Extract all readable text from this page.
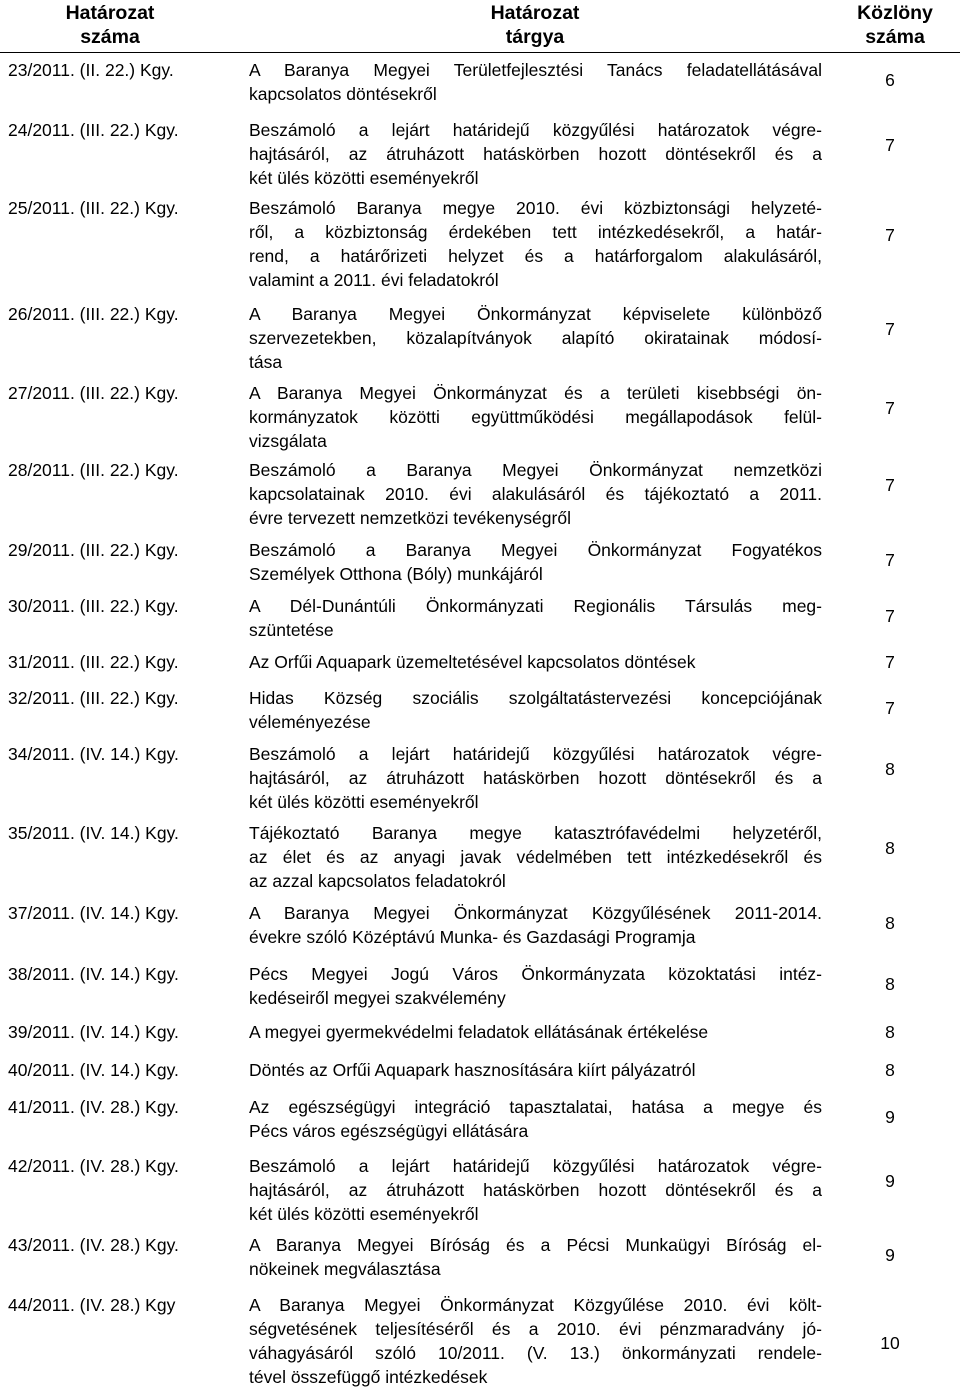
Határozat
száma
Határozat
tárgya
Közlöny
száma
23/2011. (II. 22.) Kgy.	A Baranya Megyei Területfejlesztési Tanács feladatellátásával
kapcsolatos döntésekről
6
24/2011. (III. 22.) Kgy.	Beszámoló a lejárt határidejű közgyűlési határozatok végre-
hajtásáról, az átruházott hatáskörben hozott döntésekről és a
két ülés közötti eseményekről
7
25/2011. (III. 22.) Kgy.	Beszámoló Baranya megye 2010. évi közbiztonsági helyzeté-
ről, a közbiztonság érdekében tett intézkedésekről, a határ-
rend, a határőrizeti helyzet és a határforgalom alakulásáról,
valamint a 2011. évi feladatokról
7
26/2011. (III. 22.) Kgy.	A Baranya Megyei Önkormányzat képviselete különböző
szervezetekben, közalapítványok alapító okiratainak módosí-
tása
7
27/2011. (III. 22.) Kgy.	A Baranya Megyei Önkormányzat és a területi kisebbségi ön-
kormányzatok közötti együttműködési megállapodások felül-
vizsgálata
7
28/2011. (III. 22.) Kgy.	Beszámoló a Baranya Megyei Önkormányzat nemzetközi
kapcsolatainak 2010. évi alakulásáról és tájékoztató a 2011.
évre tervezett nemzetközi tevékenységről
7
29/2011. (III. 22.) Kgy.	Beszámoló a Baranya Megyei Önkormányzat Fogyatékos
Személyek Otthona (Bóly) munkájáról
7
30/2011. (III. 22.) Kgy.	A Dél-Dunántúli Önkormányzati Regionális Társulás meg-
szüntetése
7
31/2011. (III. 22.) Kgy.	Az Orfűi Aquapark üzemeltetésével kapcsolatos döntések	7
32/2011. (III. 22.) Kgy.	Hidas Község szociális szolgáltatástervezési koncepciójának
véleményezése
7
34/2011. (IV. 14.) Kgy.	Beszámoló a lejárt határidejű közgyűlési határozatok végre-
hajtásáról, az átruházott hatáskörben hozott döntésekről és a
két ülés közötti eseményekről
8
35/2011. (IV. 14.) Kgy.	Tájékoztató Baranya megye katasztrófavédelmi helyzetéről,
az élet és az anyagi javak védelmében tett intézkedésekről és
az azzal kapcsolatos feladatokról
8
37/2011. (IV. 14.) Kgy.	A Baranya Megyei Önkormányzat Közgyűlésének 2011-2014.
évekre szóló Középtávú Munka- és Gazdasági Programja
8
38/2011. (IV. 14.) Kgy.	Pécs Megyei Jogú Város Önkormányzata közoktatási intéz-
kedéseiről megyei szakvélemény
8
39/2011. (IV. 14.) Kgy.	A megyei gyermekvédelmi feladatok ellátásának értékelése	8
40/2011. (IV. 14.) Kgy.	Döntés az Orfűi Aquapark hasznosítására kiírt pályázatról	8
41/2011. (IV. 28.) Kgy.	Az egészségügyi integráció tapasztalatai, hatása a megye és
Pécs város egészségügyi ellátására
9
42/2011. (IV. 28.) Kgy.	Beszámoló a lejárt határidejű közgyűlési határozatok végre-
hajtásáról, az átruházott hatáskörben hozott döntésekről és a
két ülés közötti eseményekről
9
43/2011. (IV. 28.) Kgy.	A Baranya Megyei Bíróság és a Pécsi Munkaügyi Bíróság el-
nökeinek megválasztása
9
44/2011. (IV. 28.) Kgy	A Baranya Megyei Önkormányzat Közgyűlése 2010. évi költ-
ségvetésének teljesítéséről és a 2010. évi pénzmaradvány jó-
váhagyásáról szóló 10/2011. (V. 13.) önkormányzati rendele-
tével összefüggő intézkedések
10
